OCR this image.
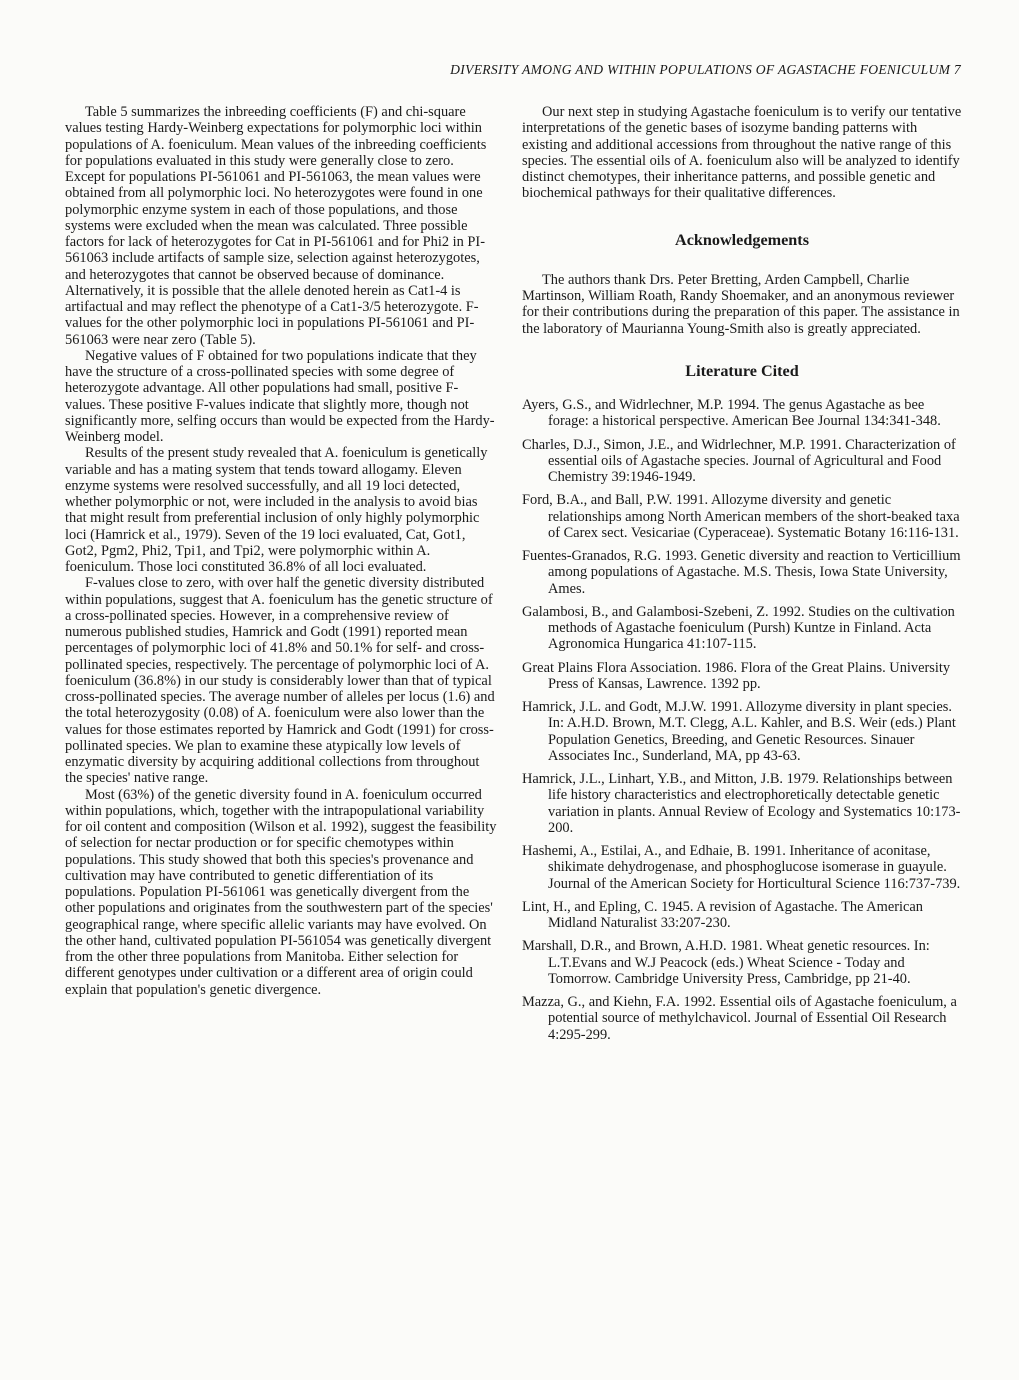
DIVERSITY AMONG AND WITHIN POPULATIONS OF AGASTACHE FOENICULUM 7

Table 5 summarizes the inbreeding coefficients (F) and chi-square values testing Hardy-Weinberg expectations for polymorphic loci within populations of A. foeniculum. Mean values of the inbreeding coefficients for populations evaluated in this study were generally close to zero. Except for populations PI-561061 and PI-561063, the mean values were obtained from all polymorphic loci. No heterozygotes were found in one polymorphic enzyme system in each of those populations, and those systems were excluded when the mean was calculated. Three possible factors for lack of heterozygotes for Cat in PI-561061 and for Phi2 in PI-561063 include artifacts of sample size, selection against heterozygotes, and heterozygotes that cannot be observed because of dominance. Alternatively, it is possible that the allele denoted herein as Cat1-4 is artifactual and may reflect the phenotype of a Cat1-3/5 heterozygote. F-values for the other polymorphic loci in populations PI-561061 and PI-561063 were near zero (Table 5).

Negative values of F obtained for two populations indicate that they have the structure of a cross-pollinated species with some degree of heterozygote advantage. All other populations had small, positive F-values. These positive F-values indicate that slightly more, though not significantly more, selfing occurs than would be expected from the Hardy-Weinberg model.

Results of the present study revealed that A. foeniculum is genetically variable and has a mating system that tends toward allogamy. Eleven enzyme systems were resolved successfully, and all 19 loci detected, whether polymorphic or not, were included in the analysis to avoid bias that might result from preferential inclusion of only highly polymorphic loci (Hamrick et al., 1979). Seven of the 19 loci evaluated, Cat, Got1, Got2, Pgm2, Phi2, Tpi1, and Tpi2, were polymorphic within A. foeniculum. Those loci constituted 36.8% of all loci evaluated.

F-values close to zero, with over half the genetic diversity distributed within populations, suggest that A. foeniculum has the genetic structure of a cross-pollinated species. However, in a comprehensive review of numerous published studies, Hamrick and Godt (1991) reported mean percentages of polymorphic loci of 41.8% and 50.1% for self- and cross-pollinated species, respectively. The percentage of polymorphic loci of A. foeniculum (36.8%) in our study is considerably lower than that of typical cross-pollinated species. The average number of alleles per locus (1.6) and the total heterozygosity (0.08) of A. foeniculum were also lower than the values for those estimates reported by Hamrick and Godt (1991) for cross-pollinated species. We plan to examine these atypically low levels of enzymatic diversity by acquiring additional collections from throughout the species' native range.

Most (63%) of the genetic diversity found in A. foeniculum occurred within populations, which, together with the intrapopulational variability for oil content and composition (Wilson et al. 1992), suggest the feasibility of selection for nectar production or for specific chemotypes within populations. This study showed that both this species's provenance and cultivation may have contributed to genetic differentiation of its populations. Population PI-561061 was genetically divergent from the other populations and originates from the southwestern part of the species' geographical range, where specific allelic variants may have evolved. On the other hand, cultivated population PI-561054 was genetically divergent from the other three populations from Manitoba. Either selection for different genotypes under cultivation or a different area of origin could explain that population's genetic divergence.

Our next step in studying Agastache foeniculum is to verify our tentative interpretations of the genetic bases of isozyme banding patterns with existing and additional accessions from throughout the native range of this species. The essential oils of A. foeniculum also will be analyzed to identify distinct chemotypes, their inheritance patterns, and possible genetic and biochemical pathways for their qualitative differences.

Acknowledgements

The authors thank Drs. Peter Bretting, Arden Campbell, Charlie Martinson, William Roath, Randy Shoemaker, and an anonymous reviewer for their contributions during the preparation of this paper. The assistance in the laboratory of Maurianna Young-Smith also is greatly appreciated.

Literature Cited

Ayers, G.S., and Widrlechner, M.P. 1994. The genus Agastache as bee forage: a historical perspective. American Bee Journal 134:341-348.

Charles, D.J., Simon, J.E., and Widrlechner, M.P. 1991. Characterization of essential oils of Agastache species. Journal of Agricultural and Food Chemistry 39:1946-1949.

Ford, B.A., and Ball, P.W. 1991. Allozyme diversity and genetic relationships among North American members of the short-beaked taxa of Carex sect. Vesicariae (Cyperaceae). Systematic Botany 16:116-131.

Fuentes-Granados, R.G. 1993. Genetic diversity and reaction to Verticillium among populations of Agastache. M.S. Thesis, Iowa State University, Ames.

Galambosi, B., and Galambosi-Szebeni, Z. 1992. Studies on the cultivation methods of Agastache foeniculum (Pursh) Kuntze in Finland. Acta Agronomica Hungarica 41:107-115.

Great Plains Flora Association. 1986. Flora of the Great Plains. University Press of Kansas, Lawrence. 1392 pp.

Hamrick, J.L. and Godt, M.J.W. 1991. Allozyme diversity in plant species. In: A.H.D. Brown, M.T. Clegg, A.L. Kahler, and B.S. Weir (eds.) Plant Population Genetics, Breeding, and Genetic Resources. Sinauer Associates Inc., Sunderland, MA, pp 43-63.

Hamrick, J.L., Linhart, Y.B., and Mitton, J.B. 1979. Relationships between life history characteristics and electrophoretically detectable genetic variation in plants. Annual Review of Ecology and Systematics 10:173-200.

Hashemi, A., Estilai, A., and Edhaie, B. 1991. Inheritance of aconitase, shikimate dehydrogenase, and phosphoglucose isomerase in guayule. Journal of the American Society for Horticultural Science 116:737-739.

Lint, H., and Epling, C. 1945. A revision of Agastache. The American Midland Naturalist 33:207-230.

Marshall, D.R., and Brown, A.H.D. 1981. Wheat genetic resources. In: L.T.Evans and W.J Peacock (eds.) Wheat Science - Today and Tomorrow. Cambridge University Press, Cambridge, pp 21-40.

Mazza, G., and Kiehn, F.A. 1992. Essential oils of Agastache foeniculum, a potential source of methylchavicol. Journal of Essential Oil Research 4:295-299.
